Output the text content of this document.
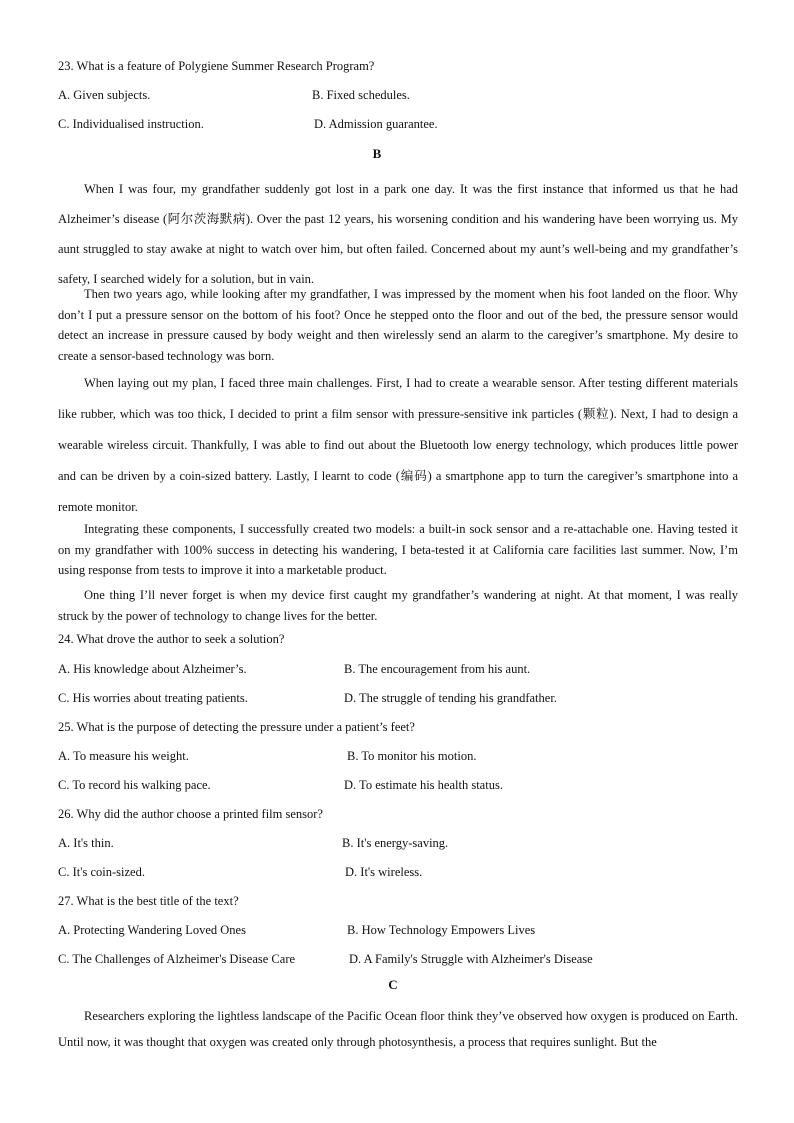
23. What is a feature of Polygiene Summer Research Program?
A. Given subjects.	B. Fixed schedules.
C. Individualised instruction.	D. Admission guarantee.
B

When I was four, my grandfather suddenly got lost in a park one day. It was the first instance that informed us that he had Alzheimer’s disease (阿尔茨海默病). Over the past 12 years, his worsening condition and his wandering have been worrying us. My aunt struggled to stay awake at night to watch over him, but often failed. Concerned about my aunt’s well-being and my grandfather’s safety, I searched widely for a solution, but in vain.

Then two years ago, while looking after my grandfather, I was impressed by the moment when his foot landed on the floor. Why don’t I put a pressure sensor on the bottom of his foot? Once he stepped onto the floor and out of the bed, the pressure sensor would detect an increase in pressure caused by body weight and then wirelessly send an alarm to the caregiver’s smartphone. My desire to create a sensor-based technology was born.

When laying out my plan, I faced three main challenges. First, I had to create a wearable sensor. After testing different materials like rubber, which was too thick, I decided to print a film sensor with pressure-sensitive ink particles (颗粒). Next, I had to design a wearable wireless circuit. Thankfully, I was able to find out about the Bluetooth low energy technology, which produces little power and can be driven by a coin-sized battery. Lastly, I learnt to code (编码) a smartphone app to turn the caregiver’s smartphone into a remote monitor.

Integrating these components, I successfully created two models: a built-in sock sensor and a re-attachable one. Having tested it on my grandfather with 100% success in detecting his wandering, I beta-tested it at California care facilities last summer. Now, I’m using response from tests to improve it into a marketable product.

One thing I’ll never forget is when my device first caught my grandfather’s wandering at night. At that moment, I was really struck by the power of technology to change lives for the better.

24. What drove the author to seek a solution?
A. His knowledge about Alzheimer’s.	B. The encouragement from his aunt.
C. His worries about treating patients.	D. The struggle of tending his grandfather.
25. What is the purpose of detecting the pressure under a patient’s feet?
A. To measure his weight.	B. To monitor his motion.
C. To record his walking pace.	D. To estimate his health status.
26. Why did the author choose a printed film sensor?
A. It's thin.	B. It's energy-saving.
C. It's coin-sized.	D. It's wireless.
27. What is the best title of the text?
A. Protecting Wandering Loved Ones	B. How Technology Empowers Lives
C. The Challenges of Alzheimer's Disease Care	D. A Family's Struggle with Alzheimer's Disease
C

Researchers exploring the lightless landscape of the Pacific Ocean floor think they’ve observed how oxygen is produced on Earth. Until now, it was thought that oxygen was created only through photosynthesis, a process that requires sunlight. But the
